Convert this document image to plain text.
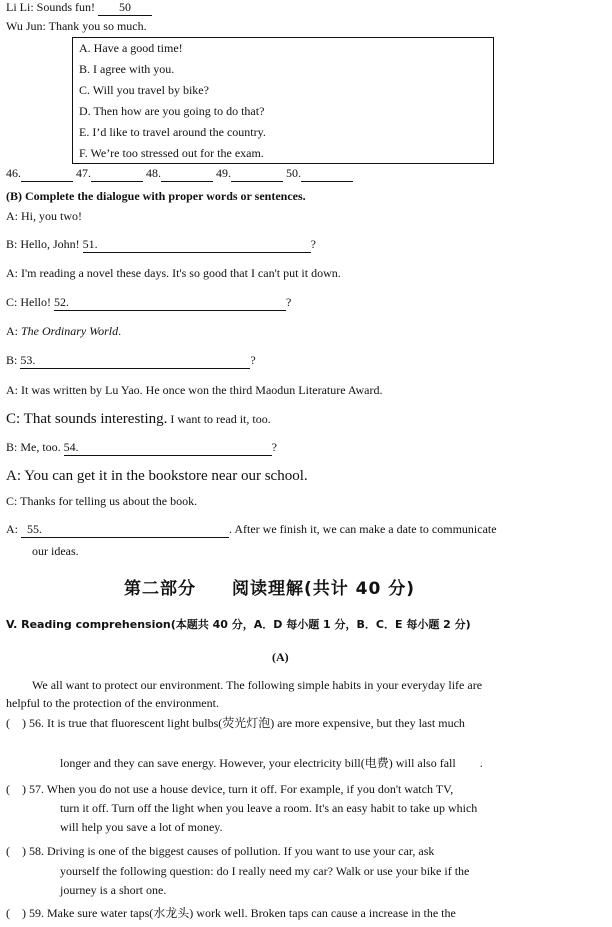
Li Li: Sounds fun! 50
Wu Jun: Thank you so much.
A. Have a good time!
B. I agree with you.
C. Will you travel by bike?
D. Then how are you going to do that?
E. I’d like to travel around the country.
F. We’re too stressed out for the exam.
46.	47.	48.	49.	50.
(B) Complete the dialogue with proper words or sentences.
A: Hi, you two!
B: Hello, John! 51.	?
A: I'm reading a novel these days. It's so good that I can't put it down.
C: Hello! 52.	?
A: The Ordinary World.
B: 53.	?
A: It was written by Lu Yao. He once won the third Maodun Literature Award.
C: That sounds interesting. I want to read it, too.
B: Me, too. 54.	?
A: You can get it in the bookstore near our school.
C: Thanks for telling us about the book.
A: 55.	. After we finish it, we can make a date to communicate
our ideas.
第二部分　　阅读理解(共计 40 分)
V. Reading comprehension(本题共 40 分，A．D 每小题 1 分，B．C．E 每小题 2 分)
(A)
We all want to protect our environment. The following simple habits in your everyday life are
helpful to the protection of the environment.
(　) 56. It is true that fluorescent light bulbs(荧光灯泡) are more expensive, but they last much
longer and they can save energy. However, your electricity bill(电费) will also fall　　.
(　) 57. When you do not use a house device, turn it off. For example, if you don't watch TV,
turn it off. Turn off the light when you leave a room. It's an easy habit to take up which
will help you save a lot of money.
(　) 58. Driving is one of the biggest causes of pollution. If you want to use your car, ask
yourself the following question: do I really need my car? Walk or use your bike if the
journey is a short one.
(　) 59. Make sure water taps(水龙头) work well. Broken taps can cause a increase in the the
